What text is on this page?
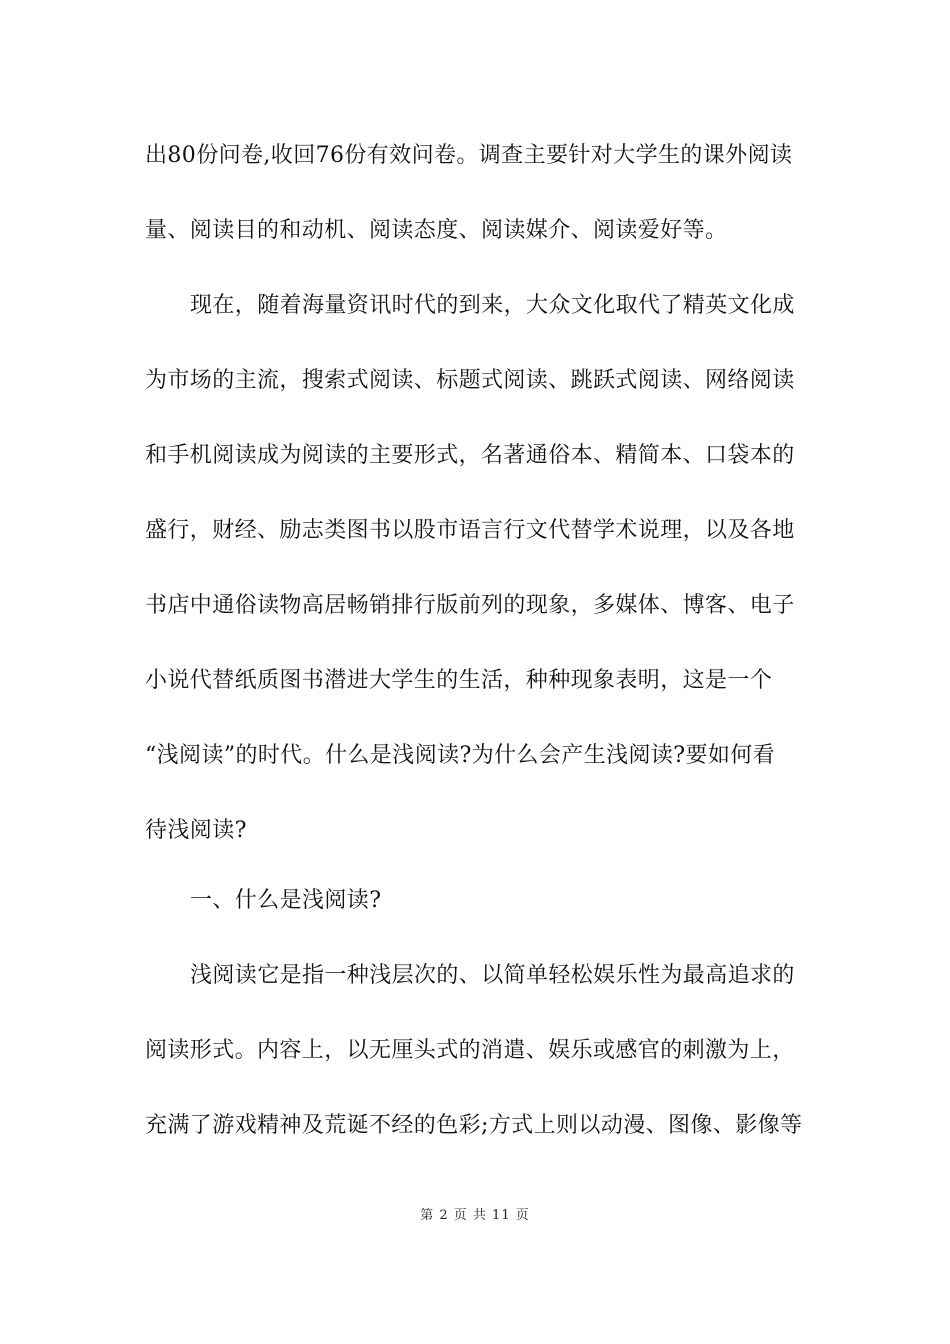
出80份问卷,收回76份有效问卷。调查主要针对大学生的课外阅读
量、阅读目的和动机、阅读态度、阅读媒介、阅读爱好等。
现在，随着海量资讯时代的到来，大众文化取代了精英文化成
为市场的主流，搜索式阅读、标题式阅读、跳跃式阅读、网络阅读
和手机阅读成为阅读的主要形式，名著通俗本、精简本、口袋本的
盛行，财经、励志类图书以股市语言行文代替学术说理，以及各地
书店中通俗读物高居畅销排行版前列的现象，多媒体、博客、电子
小说代替纸质图书潜进大学生的生活，种种现象表明，这是一个
“浅阅读”的时代。什么是浅阅读?为什么会产生浅阅读?要如何看
待浅阅读?
一、什么是浅阅读?
浅阅读它是指一种浅层次的、以简单轻松娱乐性为最高追求的
阅读形式。内容上，以无厘头式的消遣、娱乐或感官的刺激为上，
充满了游戏精神及荒诞不经的色彩;方式上则以动漫、图像、影像等
第 2 页 共 11 页
